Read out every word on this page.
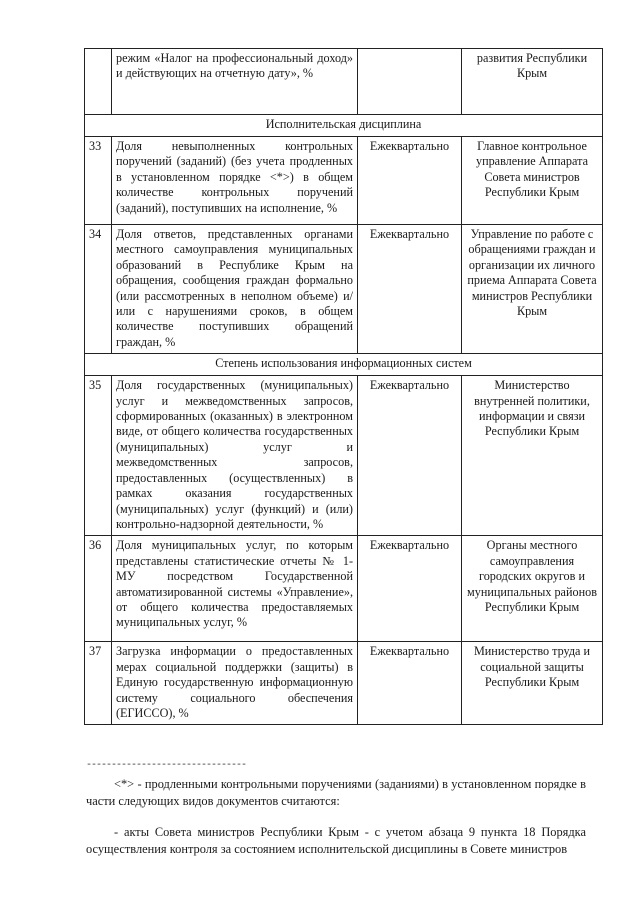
	режим «Налог на профессиональный доход» и действующих на отчетную дату», %		развития Республики Крым
Исполнительская дисциплина			
33	Доля невыполненных контрольных поручений (заданий) (без учета продленных в установленном порядке <*>) в общем количестве контрольных поручений (заданий), поступивших на исполнение, %	Ежеквартально	Главное контрольное управление Аппарата Совета министров Республики Крым
34	Доля ответов, представленных органами местного самоуправления муниципальных образований в Республике Крым на обращения, сообщения граждан формально (или рассмотренных в неполном объеме) и/или с нарушениями сроков, в общем количестве поступивших обращений граждан, %	Ежеквартально	Управление по работе с обращениями граждан и организации их личного приема Аппарата Совета министров Республики Крым
Степень использования информационных систем			
35	Доля государственных (муниципальных) услуг и межведомственных запросов, сформированных (оказанных) в электронном виде, от общего количества государственных (муниципальных) услуг и межведомственных запросов, предоставленных (осуществленных) в рамках оказания государственных (муниципальных) услуг (функций) и (или) контрольно-надзорной деятельности, %	Ежеквартально	Министерство внутренней политики, информации и связи Республики Крым
36	Доля муниципальных услуг, по которым представлены статистические отчеты № 1-МУ посредством Государственной автоматизированной системы «Управление», от общего количества предоставляемых муниципальных услуг, %	Ежеквартально	Органы местного самоуправления городских округов и муниципальных районов Республики Крым
37	Загрузка информации о предоставленных мерах социальной поддержки (защиты) в Единую государственную информационную систему социального обеспечения (ЕГИССО), %	Ежеквартально	Министерство труда и социальной защиты Республики Крым
--------------------------------

<*> - продленными контрольными поручениями (заданиями) в установленном порядке в части следующих видов документов считаются:

- акты Совета министров Республики Крым - с учетом абзаца 9 пункта 18 Порядка осуществления контроля за состоянием исполнительской дисциплины в Совете министров
